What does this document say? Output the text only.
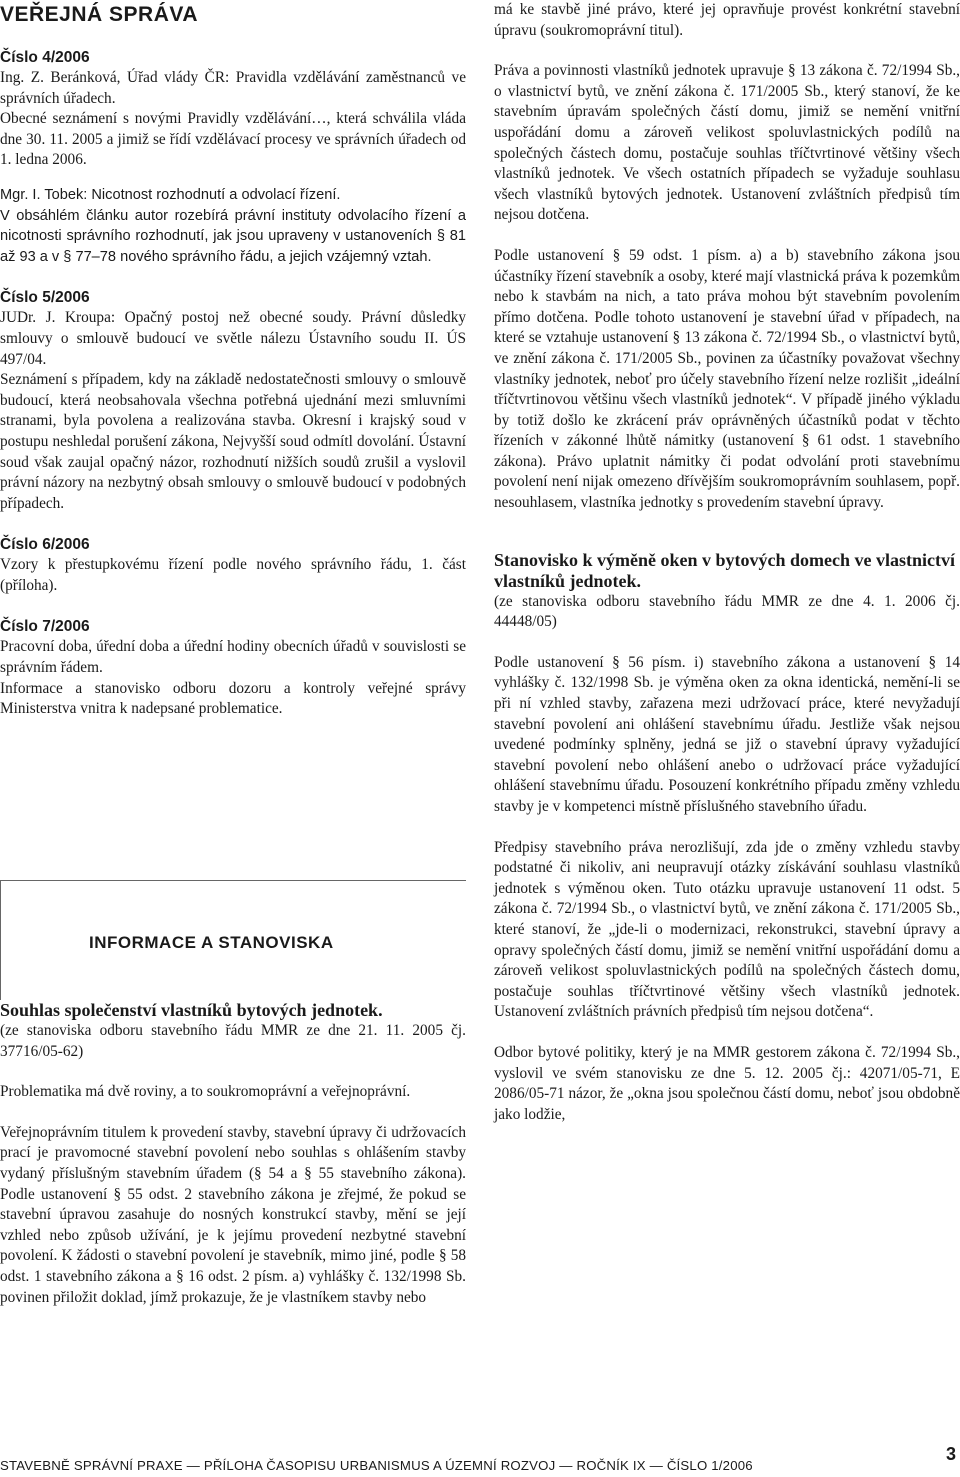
VEŘEJNÁ SPRÁVA

Číslo 4/2006

Ing. Z. Beránková, Úřad vlády ČR: Pravidla vzdělávání zaměstnanců ve správních úřadech.

Obecné seznámení s novými Pravidly vzdělávání…, která schválila vláda dne 30. 11. 2005 a jimiž se řídí vzdělávací procesy ve správních úřadech od 1. ledna 2006.

Mgr. I. Tobek: Nicotnost rozhodnutí a odvolací řízení.

V obsáhlém článku autor rozebírá právní instituty odvolacího řízení a nicotnosti správního rozhodnutí, jak jsou upraveny v ustanoveních § 81 až 93 a v § 77–78 nového správního řádu, a jejich vzájemný vztah.

Číslo 5/2006

JUDr. J. Kroupa: Opačný postoj než obecné soudy. Právní důsledky smlouvy o smlouvě budoucí ve světle nálezu Ústavního soudu II. ÚS 497/04.

Seznámení s případem, kdy na základě nedostatečnosti smlouvy o smlouvě budoucí, která neobsahovala všechna potřebná ujednání mezi smluvními stranami, byla povolena a realizována stavba. Okresní i krajský soud v postupu neshledal porušení zákona, Nejvyšší soud odmítl dovolání. Ústavní soud však zaujal opačný názor, rozhodnutí nižších soudů zrušil a vyslovil právní názory na nezbytný obsah smlouvy o smlouvě budoucí v podobných případech.

Číslo 6/2006

Vzory k přestupkovému řízení podle nového správního řádu, 1. část (příloha).

Číslo 7/2006

Pracovní doba, úřední doba a úřední hodiny obecních úřadů v souvislosti se správním řádem.

Informace a stanovisko odboru dozoru a kontroly veřejné správy Ministerstva vnitra k nadepsané problematice.

INFORMACE A STANOVISKA
Souhlas společenství vlastníků bytových jednotek.

(ze stanoviska odboru stavebního řádu MMR ze dne 21. 11. 2005 čj. 37716/05-62)

Problematika má dvě roviny, a to soukromoprávní a veřejnoprávní.

Veřejnoprávním titulem k provedení stavby, stavební úpravy či udržovacích prací je pravomocné stavební povolení nebo souhlas s ohlášením stavby vydaný příslušným stavebním úřadem (§ 54 a § 55 stavebního zákona). Podle ustanovení § 55 odst. 2 stavebního zákona je zřejmé, že pokud se stavební úpravou zasahuje do nosných konstrukcí stavby, mění se její vzhled nebo způsob užívání, je k jejímu provedení nezbytné stavební povolení. K žádosti o stavební povolení je stavebník, mimo jiné, podle § 58 odst. 1 stavebního zákona a § 16 odst. 2 písm. a) vyhlášky č. 132/1998 Sb. povinen přiložit doklad, jímž prokazuje, že je vlastníkem stavby nebo

má ke stavbě jiné právo, které jej opravňuje provést konkrétní stavební úpravu (soukromoprávní titul).

Práva a povinnosti vlastníků jednotek upravuje § 13 zákona č. 72/1994 Sb., o vlastnictví bytů, ve znění zákona č. 171/2005 Sb., který stanoví, že ke stavebním úpravám společných částí domu, jimiž se nemění vnitřní uspořádání domu a zároveň velikost spoluvlastnických podílů na společných částech domu, postačuje souhlas tříčtvrtinové většiny všech vlastníků jednotek. Ve všech ostatních případech se vyžaduje souhlasu všech vlastníků bytových jednotek. Ustanovení zvláštních předpisů tím nejsou dotčena.

Podle ustanovení § 59 odst. 1 písm. a) a b) stavebního zákona jsou účastníky řízení stavebník a osoby, které mají vlastnická práva k pozemkům nebo k stavbám na nich, a tato práva mohou být stavebním povolením přímo dotčena. Podle tohoto ustanovení je stavební úřad v případech, na které se vztahuje ustanovení § 13 zákona č. 72/1994 Sb., o vlastnictví bytů, ve znění zákona č. 171/2005 Sb., povinen za účastníky považovat všechny vlastníky jednotek, neboť pro účely stavebního řízení nelze rozlišit „ideální tříčtvrtinovou většinu všech vlastníků jednotek“. V případě jiného výkladu by totiž došlo ke zkrácení práv oprávněných účastníků podat v těchto řízeních v zákonné lhůtě námitky (ustanovení § 61 odst. 1 stavebního zákona). Právo uplatnit námitky či podat odvolání proti stavebnímu povolení není nijak omezeno dřívějším soukromoprávním souhlasem, popř. nesouhlasem, vlastníka jednotky s provedením stavební úpravy.

Stanovisko k výměně oken v bytových domech ve vlastnictví vlastníků jednotek.

(ze stanoviska odboru stavebního řádu MMR ze dne 4. 1. 2006 čj. 44448/05)

Podle ustanovení § 56 písm. i) stavebního zákona a ustanovení § 14 vyhlášky č. 132/1998 Sb. je výměna oken za okna identická, nemění-li se při ní vzhled stavby, zařazena mezi udržovací práce, které nevyžadují stavební povolení ani ohlášení stavebnímu úřadu. Jestliže však nejsou uvedené podmínky splněny, jedná se již o stavební úpravy vyžadující stavební povolení nebo ohlášení anebo o udržovací práce vyžadující ohlášení stavebnímu úřadu. Posouzení konkrétního případu změny vzhledu stavby je v kompetenci místně příslušného stavebního úřadu.

Předpisy stavebního práva nerozlišují, zda jde o změny vzhledu stavby podstatné či nikoliv, ani neupravují otázky získávání souhlasu vlastníků jednotek s výměnou oken. Tuto otázku upravuje ustanovení 11 odst. 5 zákona č. 72/1994 Sb., o vlastnictví bytů, ve znění zákona č. 171/2005 Sb., které stanoví, že „jde-li o modernizaci, rekonstrukci, stavební úpravy a opravy společných částí domu, jimiž se nemění vnitřní uspořádání domu a zároveň velikost spoluvlastnických podílů na společných částech domu, postačuje souhlas tříčtvrtinové většiny všech vlastníků jednotek. Ustanovení zvláštních právních předpisů tím nejsou dotčena“.

Odbor bytové politiky, který je na MMR gestorem zákona č. 72/1994 Sb., vyslovil ve svém stanovisku ze dne 5. 12. 2005 čj.: 42071/05-71, E 2086/05-71 názor, že „okna jsou společnou částí domu, neboť jsou obdobně jako lodžie,

STAVEBNĚ SPRÁVNÍ PRAXE — PŘÍLOHA ČASOPISU URBANISMUS A ÚZEMNÍ ROZVOJ — ROČNÍK IX — ČÍSLO 1/2006
3
